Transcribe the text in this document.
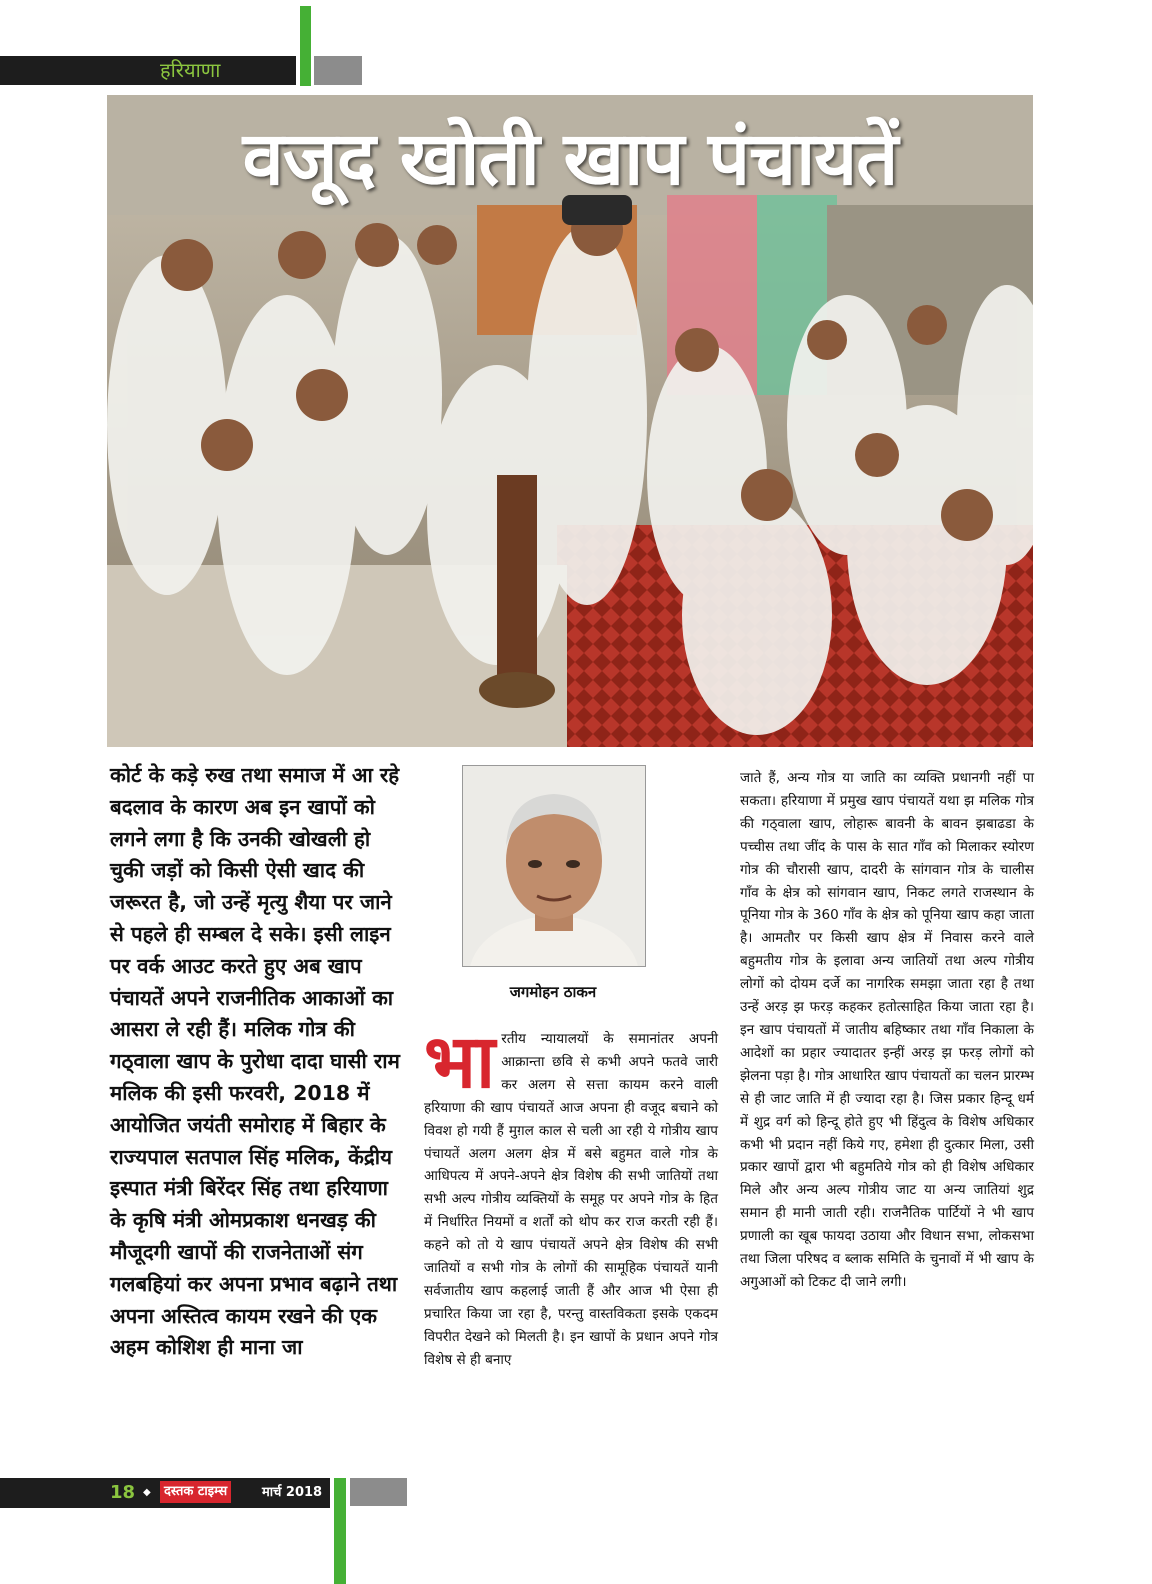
हरियाणा
वजूद खोती खाप पंचायतें

कोर्ट के कड़े रुख तथा समाज में आ रहे बदलाव के कारण अब इन खापों को लगने लगा है कि उनकी खोखली हो चुकी जड़ों को किसी ऐसी खाद की जरूरत है, जो उन्हें मृत्यु शैया पर जाने से पहले ही सम्बल दे सके। इसी लाइन पर वर्क आउट करते हुए अब खाप पंचायतें अपने राजनीतिक आकाओं का आसरा ले रही हैं। मलिक गोत्र की गठ्वाला खाप के पुरोधा दादा घासी राम मलिक की इसी फरवरी, 2018 में आयोजित जयंती समोराह में बिहार के राज्यपाल सतपाल सिंह मलिक, केंद्रीय इस्पात मंत्री बिरेंदर सिंह तथा हरियाणा के कृषि मंत्री ओमप्रकाश धनखड़ की मौजूदगी खापों की राजनेताओं संग गलबहियां कर अपना प्रभाव बढ़ाने तथा अपना अस्तित्व कायम रखने की एक अहम कोशिश ही माना जा

जगमोहन ठाकन

भारतीय न्यायालयों के समानांतर अपनी आक्रान्ता छवि से कभी अपने फतवे जारी कर अलग से सत्ता कायम करने वाली हरियाणा की खाप पंचायतें आज अपना ही वजूद बचाने को विवश हो गयी हैं मुग़ल काल से चली आ रही ये गोत्रीय खाप पंचायतें अलग अलग क्षेत्र में बसे बहुमत वाले गोत्र के आधिपत्य में अपने-अपने क्षेत्र विशेष की सभी जातियों तथा सभी अल्प गोत्रीय व्यक्तियों के समूह पर अपने गोत्र के हित में निर्धारित नियमों व शर्तों को थोप कर राज करती रही हैं। कहने को तो ये खाप पंचायतें अपने क्षेत्र विशेष की सभी जातियों व सभी गोत्र के लोगों की सामूहिक पंचायतें यानी सर्वजातीय खाप कहलाई जाती हैं और आज भी ऐसा ही प्रचारित किया जा रहा है, परन्तु वास्तविकता इसके एकदम विपरीत देखने को मिलती है। इन खापों के प्रधान अपने गोत्र विशेष से ही बनाए

जाते हैं, अन्य गोत्र या जाति का व्यक्ति प्रधानगी नहीं पा सकता। हरियाणा में प्रमुख खाप पंचायतें यथा झ मलिक गोत्र की गठ्वाला खाप, लोहारू बावनी के बावन झबाढडा के पच्चीस तथा जींद के पास के सात गाँव को मिलाकर स्योरण गोत्र की चौरासी खाप, दादरी के सांगवान गोत्र के चालीस गाँव के क्षेत्र को सांगवान खाप, निकट लगते राजस्थान के पूनिया गोत्र के 360 गाँव के क्षेत्र को पूनिया खाप कहा जाता है। आमतौर पर किसी खाप क्षेत्र में निवास करने वाले बहुमतीय गोत्र के इलावा अन्य जातियों तथा अल्प गोत्रीय लोगों को दोयम दर्जे का नागरिक समझा जाता रहा है तथा उन्हें अरड़ झ फरड़ कहकर हतोत्साहित किया जाता रहा है। इन खाप पंचायतों में जातीय बहिष्कार तथा गाँव निकाला के आदेशों का प्रहार ज्यादातर इन्हीं अरड़ झ फरड़ लोगों को झेलना पड़ा है। गोत्र आधारित खाप पंचायतों का चलन प्रारम्भ से ही जाट जाति में ही ज्यादा रहा है। जिस प्रकार हिन्दू धर्म में शुद्र वर्ग को हिन्दू होते हुए भी हिंदुत्व के विशेष अधिकार कभी भी प्रदान नहीं किये गए, हमेशा ही दुत्कार मिला, उसी प्रकार खापों द्वारा भी बहुमतिये गोत्र को ही विशेष अधिकार मिले और अन्य अल्प गोत्रीय जाट या अन्य जातियां शुद्र समान ही मानी जाती रही। राजनैतिक पार्टियों ने भी खाप प्रणाली का खूब फायदा उठाया और विधान सभा, लोकसभा तथा जिला परिषद व ब्लाक समिति के चुनावों में भी खाप के अगुआओं को टिकट दी जाने लगी।

18 ◆	दस्तक टाइम्स	मार्च 2018
